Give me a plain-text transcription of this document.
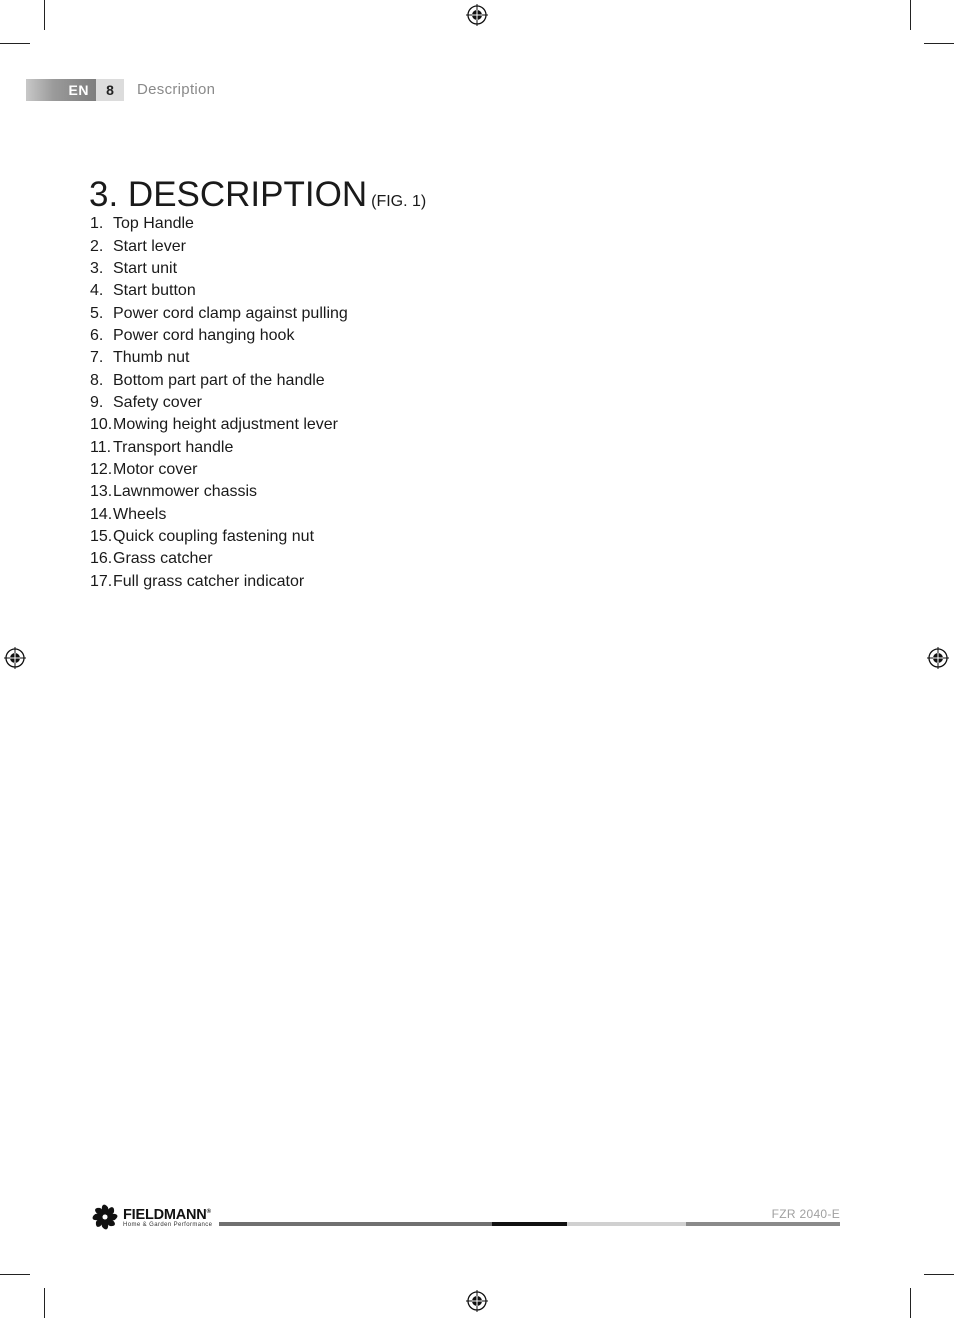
EN	8	Description
3. DESCRIPTION (FIG. 1)
1. Top Handle
2. Start lever
3. Start unit
4. Start button
5. Power cord clamp against pulling
6. Power cord hanging hook
7. Thumb nut
8. Bottom part part of the handle
9. Safety cover
10. Mowing height adjustment lever
11. Transport handle
12. Motor cover
13. Lawnmower chassis
14. Wheels
15. Quick coupling fastening nut
16. Grass catcher
17. Full grass catcher indicator
FIELDMANN®
Home & Garden Performance
FZR 2040-E
